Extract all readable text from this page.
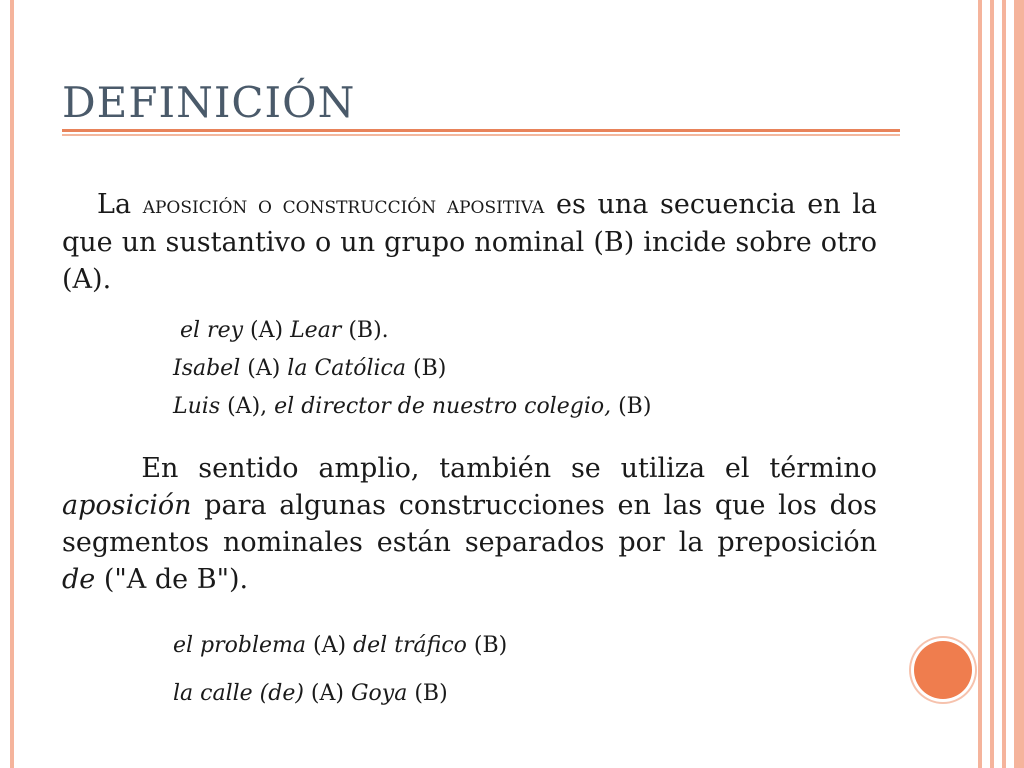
DEFINICIÓN

La aposición o construcción apositiva es una secuencia en la que un sustantivo o un grupo nominal (B) incide sobre otro (A).

el rey (A) Lear (B).

Isabel (A) la Católica (B)

Luis (A), el director de nuestro colegio, (B)

En sentido amplio, también se utiliza el término aposición para algunas construcciones en las que los dos segmentos nominales están separados por la preposición de ("A de B").

el problema (A) del tráfico (B)

la calle (de) (A) Goya (B)
